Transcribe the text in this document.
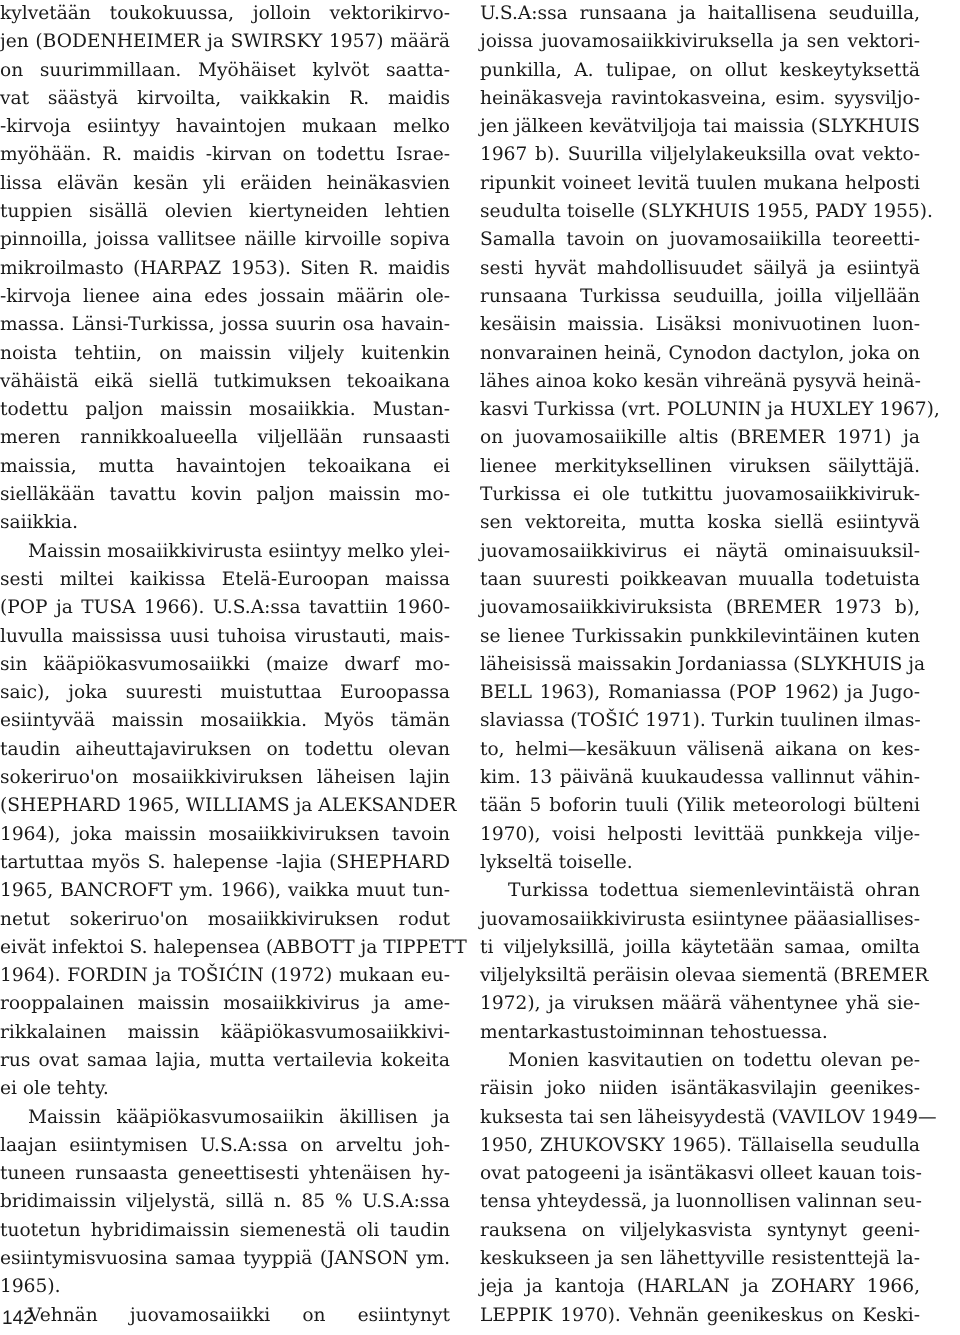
kylvetään toukokuussa, jolloin vektorikirvo-
jen (BODENHEIMER ja SWIRSKY 1957) määrä
on suurimmillaan. Myöhäiset kylvöt saatta-
vat säästyä kirvoilta, vaikkakin R. maidis
-kirvoja esiintyy havaintojen mukaan melko
myöhään. R. maidis -kirvan on todettu Israe-
lissa elävän kesän yli eräiden heinäkasvien
tuppien sisällä olevien kiertyneiden lehtien
pinnoilla, joissa vallitsee näille kirvoille sopiva
mikroilmasto (HARPAZ 1953). Siten R. maidis
-kirvoja lienee aina edes jossain määrin ole-
massa. Länsi-Turkissa, jossa suurin osa havain-
noista tehtiin, on maissin viljely kuitenkin
vähäistä eikä siellä tutkimuksen tekoaikana
todettu paljon maissin mosaiikkia. Mustan-
meren rannikkoalueella viljellään runsaasti
maissia, mutta havaintojen tekoaikana ei
sielläkään tavattu kovin paljon maissin mo-
saiikkia.
Maissin mosaiikkivirusta esiintyy melko ylei-
sesti miltei kaikissa Etelä-Euroopan maissa
(POP ja TUSA 1966). U.S.A:ssa tavattiin 1960-
luvulla maississa uusi tuhoisa virustauti, mais-
sin kääpiökasvumosaiikki (maize dwarf mo-
saic), joka suuresti muistuttaa Euroopassa
esiintyvää maissin mosaiikkia. Myös tämän
taudin aiheuttajaviruksen on todettu olevan
sokeriruo'on mosaiikkiviruksen läheisen lajin
(SHEPHARD 1965, WILLIAMS ja ALEKSANDER
1964), joka maissin mosaiikkiviruksen tavoin
tartuttaa myös S. halepense -lajia (SHEPHARD
1965, BANCROFT ym. 1966), vaikka muut tun-
netut sokeriruo'on mosaiikkiviruksen rodut
eivät infektoi S. halepensea (ABBOTT ja TIPPETT
1964). FORDIN ja TOŠIĆIN (1972) mukaan eu-
rooppalainen maissin mosaiikkivirus ja ame-
rikkalainen maissin kääpiökasvumosaiikkivi-
rus ovat samaa lajia, mutta vertailevia kokeita
ei ole tehty.
Maissin kääpiökasvumosaiikin äkillisen ja
laajan esiintymisen U.S.A:ssa on arveltu joh-
tuneen runsaasta geneettisesti yhtenäisen hy-
bridimaissin viljelystä, sillä n. 85 % U.S.A:ssa
tuotetun hybridimaissin siemenestä oli taudin
esiintymisvuosina samaa tyyppiä (JANSON ym.
1965).
Vehnän juovamosaiikki on esiintynyt
U.S.A:ssa runsaana ja haitallisena seuduilla,
joissa juovamosaiikkiviruksella ja sen vektori-
punkilla, A. tulipae, on ollut keskeytyksettä
heinäkasveja ravintokasveina, esim. syysviljo-
jen jälkeen kevätviljoja tai maissia (SLYKHUIS
1967 b). Suurilla viljelylakeuksilla ovat vekto-
ripunkit voineet levitä tuulen mukana helposti
seudulta toiselle (SLYKHUIS 1955, PADY 1955).
Samalla tavoin on juovamosaiikilla teoreetti-
sesti hyvät mahdollisuudet säilyä ja esiintyä
runsaana Turkissa seuduilla, joilla viljellään
kesäisin maissia. Lisäksi monivuotinen luon-
nonvarainen heinä, Cynodon dactylon, joka on
lähes ainoa koko kesän vihreänä pysyvä heinä-
kasvi Turkissa (vrt. POLUNIN ja HUXLEY 1967),
on juovamosaiikille altis (BREMER 1971) ja
lienee merkityksellinen viruksen säilyttäjä.
Turkissa ei ole tutkittu juovamosaiikkiviruk-
sen vektoreita, mutta koska siellä esiintyvä
juovamosaiikkivirus ei näytä ominaisuuksil-
taan suuresti poikkeavan muualla todetuista
juovamosaiikkiviruksista (BREMER 1973 b),
se lienee Turkissakin punkkilevintäinen kuten
läheisissä maissakin Jordaniassa (SLYKHUIS ja
BELL 1963), Romaniassa (POP 1962) ja Jugo-
slaviassa (TOŠIĆ 1971). Turkin tuulinen ilmas-
to, helmi—kesäkuun välisenä aikana on kes-
kim. 13 päivänä kuukaudessa vallinnut vähin-
tään 5 boforin tuuli (Yilik meteorologi bülteni
1970), voisi helposti levittää punkkeja vilje-
lykseltä toiselle.
Turkissa todettua siemenlevintäistä ohran
juovamosaiikkivirusta esiintynee pääasiallises-
ti viljelyksillä, joilla käytetään samaa, omilta
viljelyksiltä peräisin olevaa siementä (BREMER
1972), ja viruksen määrä vähentynee yhä sie-
mentarkastustoiminnan tehostuessa.
Monien kasvitautien on todettu olevan pe-
räisin joko niiden isäntäkasvilajin geenikes-
kuksesta tai sen läheisyydestä (VAVILOV 1949—
1950, ZHUKOVSKY 1965). Tällaisella seudulla
ovat patogeeni ja isäntäkasvi olleet kauan tois-
tensa yhteydessä, ja luonnollisen valinnan seu-
rauksena on viljelykasvista syntynyt geeni-
keskukseen ja sen lähettyville resistenttejä la-
jeja ja kantoja (HARLAN ja ZOHARY 1966,
LEPPIK 1970). Vehnän geenikeskus on Keski-
142
